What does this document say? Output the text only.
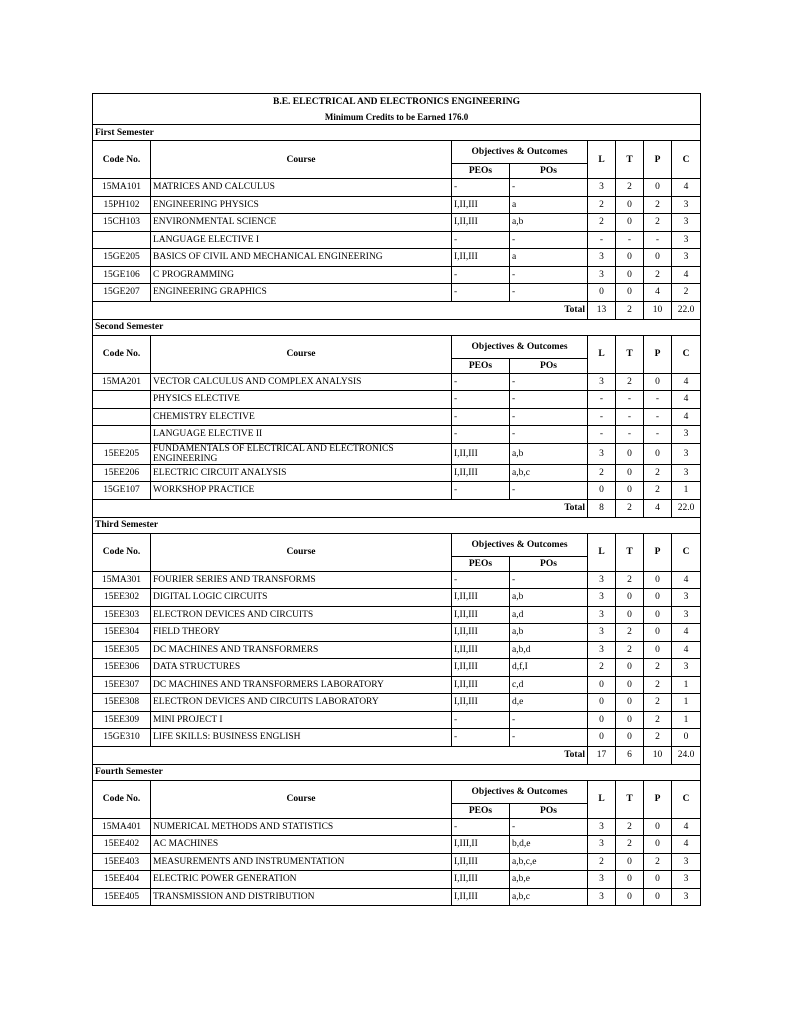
B.E. ELECTRICAL AND ELECTRONICS ENGINEERING							
Minimum Credits to be Earned 176.0							
First Semester							
Code No.	Course	Objectives & Outcomes		L	T	P	C
		PEOs	POs				
15MA101	MATRICES AND CALCULUS	-	-	3	2	0	4
15PH102	ENGINEERING PHYSICS	I,II,III	a	2	0	2	3
15CH103	ENVIRONMENTAL SCIENCE	I,II,III	a,b	2	0	2	3
	LANGUAGE ELECTIVE I	-	-	-	-	-	3
15GE205	BASICS OF CIVIL AND MECHANICAL ENGINEERING	I,II,III	a	3	0	0	3
15GE106	C PROGRAMMING	-	-	3	0	2	4
15GE207	ENGINEERING GRAPHICS	-	-	0	0	4	2
Total				13	2	10	22.0
Second Semester							
Code No.	Course	Objectives & Outcomes		L	T	P	C
		PEOs	POs				
15MA201	VECTOR CALCULUS AND COMPLEX ANALYSIS	-	-	3	2	0	4
	PHYSICS ELECTIVE	-	-	-	-	-	4
	CHEMISTRY ELECTIVE	-	-	-	-	-	4
	LANGUAGE ELECTIVE II	-	-	-	-	-	3
15EE205	FUNDAMENTALS OF ELECTRICAL AND ELECTRONICS ENGINEERING	I,II,III	a,b	3	0	0	3
15EE206	ELECTRIC CIRCUIT ANALYSIS	I,II,III	a,b,c	2	0	2	3
15GE107	WORKSHOP PRACTICE	-	-	0	0	2	1
Total				8	2	4	22.0
Third Semester							
Code No.	Course	Objectives & Outcomes		L	T	P	C
		PEOs	POs				
15MA301	FOURIER SERIES AND TRANSFORMS	-	-	3	2	0	4
15EE302	DIGITAL LOGIC CIRCUITS	I,II,III	a,b	3	0	0	3
15EE303	ELECTRON DEVICES AND CIRCUITS	I,II,III	a,d	3	0	0	3
15EE304	FIELD THEORY	I,II,III	a,b	3	2	0	4
15EE305	DC MACHINES AND TRANSFORMERS	I,II,III	a,b,d	3	2	0	4
15EE306	DATA STRUCTURES	I,II,III	d,f,I	2	0	2	3
15EE307	DC MACHINES AND TRANSFORMERS LABORATORY	I,II,III	c,d	0	0	2	1
15EE308	ELECTRON DEVICES AND CIRCUITS LABORATORY	I,II,III	d,e	0	0	2	1
15EE309	MINI PROJECT I	-	-	0	0	2	1
15GE310	LIFE SKILLS: BUSINESS ENGLISH	-	-	0	0	2	0
Total				17	6	10	24.0
Fourth Semester							
Code No.	Course	Objectives & Outcomes		L	T	P	C
		PEOs	POs				
15MA401	NUMERICAL METHODS AND STATISTICS	-	-	3	2	0	4
15EE402	AC MACHINES	I,III,II	b,d,e	3	2	0	4
15EE403	MEASUREMENTS AND INSTRUMENTATION	I,II,III	a,b,c,e	2	0	2	3
15EE404	ELECTRIC POWER GENERATION	I,II,III	a,b,e	3	0	0	3
15EE405	TRANSMISSION AND DISTRIBUTION	I,II,III	a,b,c	3	0	0	3
